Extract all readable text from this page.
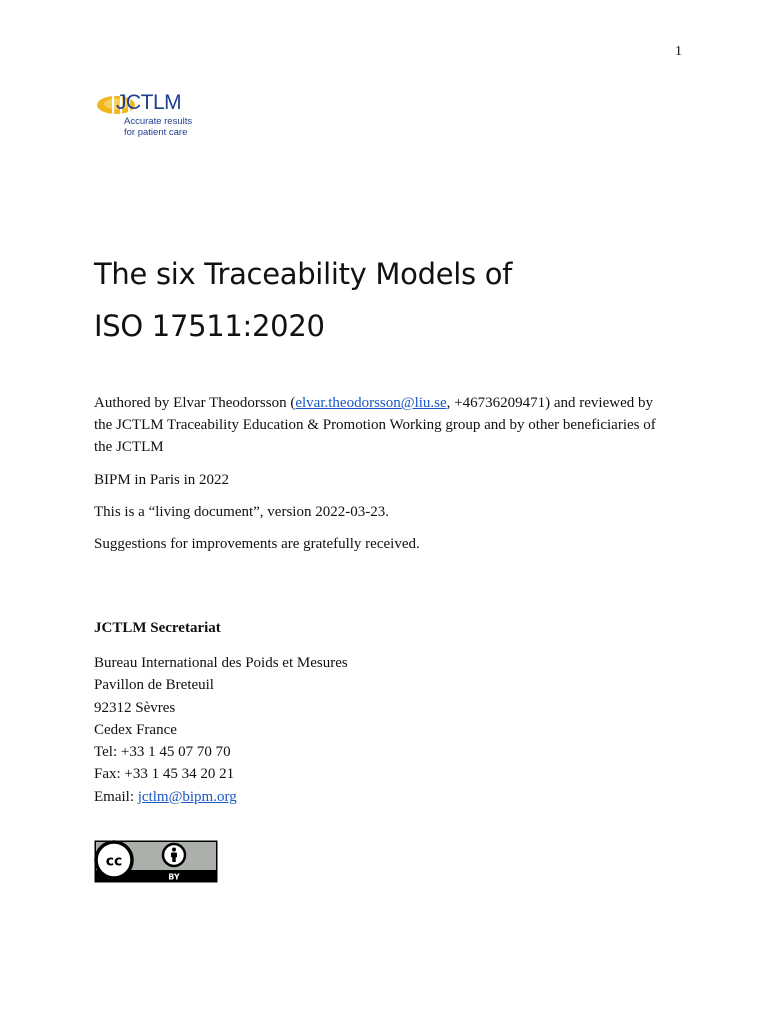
1
JCTLM
Accurate results
for patient care
The six Traceability Models of
ISO 17511:2020

Authored by Elvar Theodorsson (elvar.theodorsson@liu.se, +46736209471) and reviewed by the JCTLM Traceability Education & Promotion Working group and by other beneficiaries of the JCTLM

BIPM in Paris in 2022

This is a “living document”, version 2022-03-23.

Suggestions for improvements are gratefully received.

JCTLM Secretariat
Bureau International des Poids et Mesures
Pavillon de Breteuil
92312 Sèvres
Cedex France
Tel: +33 1 45 07 70 70
Fax: +33 1 45 34 20 21
Email: jctlm@bipm.org
cc
BY
